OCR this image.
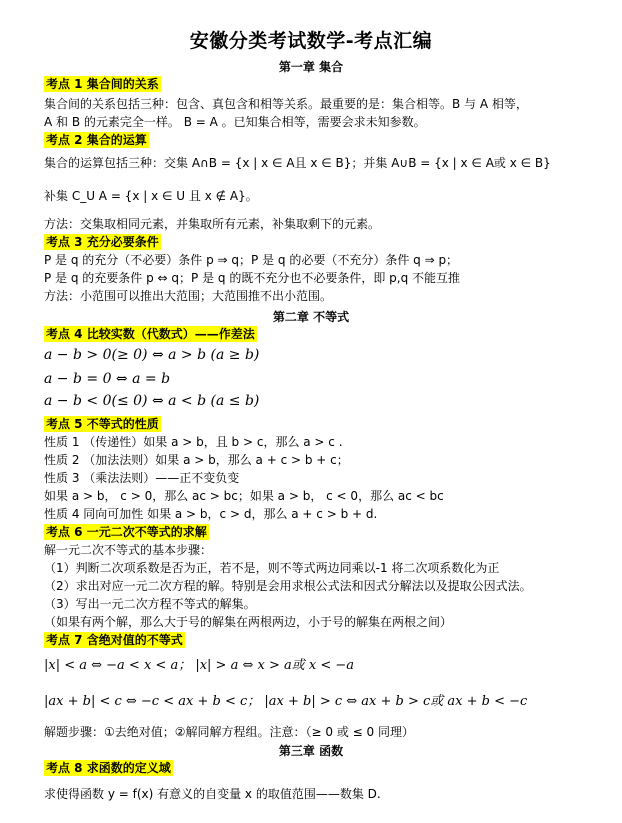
安徽分类考试数学-考点汇编
第一章 集合
考点 1 集合间的关系
集合间的关系包括三种：包含、真包含和相等关系。最重要的是：集合相等。B 与 A 相等，
A 和 B 的元素完全一样。 B = A 。已知集合相等，需要会求未知参数。
考点 2 集合的运算
集合的运算包括三种：交集 A∩B = {x | x ∈ A且 x ∈ B}；并集 A∪B = {x | x ∈ A或 x ∈ B}
补集 C_U A = {x | x ∈ U 且 x ∉ A}。
方法：交集取相同元素，并集取所有元素，补集取剩下的元素。
考点 3 充分必要条件
P 是 q 的充分（不必要）条件 p ⇒ q；P 是 q 的必要（不充分）条件 q ⇒ p；
P 是 q 的充要条件 p ⇔ q；P 是 q 的既不充分也不必要条件，即 p,q 不能互推
方法：小范围可以推出大范围；大范围推不出小范围。
第二章 不等式
考点 4 比较实数（代数式）——作差法
a − b > 0(≥ 0) ⇔ a > b (a ≥ b)
a − b = 0 ⇔ a = b
a − b < 0(≤ 0) ⇔ a < b (a ≤ b)
考点 5 不等式的性质
性质 1 （传递性）如果 a > b，且 b > c，那么 a > c .
性质 2 （加法法则）如果 a > b，那么 a + c > b + c；
性质 3 （乘法法则）——正不变负变
如果 a > b， c > 0，那么 ac > bc；如果 a > b， c < 0，那么 ac < bc
性质 4 同向可加性 如果 a > b，c > d，那么 a + c > b + d.
考点 6 一元二次不等式的求解
解一元二次不等式的基本步骤：
（1）判断二次项系数是否为正，若不是，则不等式两边同乘以-1 将二次项系数化为正
（2）求出对应一元二次方程的解。特别是会用求根公式法和因式分解法以及提取公因式法。
（3）写出一元二次方程不等式的解集。
（如果有两个解，那么大于号的解集在两根两边，小于号的解集在两根之间）
考点 7 含绝对值的不等式
|x| < a ⇔ −a < x < a； |x| > a ⇔ x > a或 x < −a
|ax + b| < c ⇔ −c < ax + b < c； |ax + b| > c ⇔ ax + b > c或 ax + b < −c
解题步骤：①去绝对值；②解同解方程组。注意：（≥ 0 或 ≤ 0 同理）
第三章 函数
考点 8 求函数的定义域
求使得函数 y = f(x) 有意义的自变量 x 的取值范围——数集 D.
